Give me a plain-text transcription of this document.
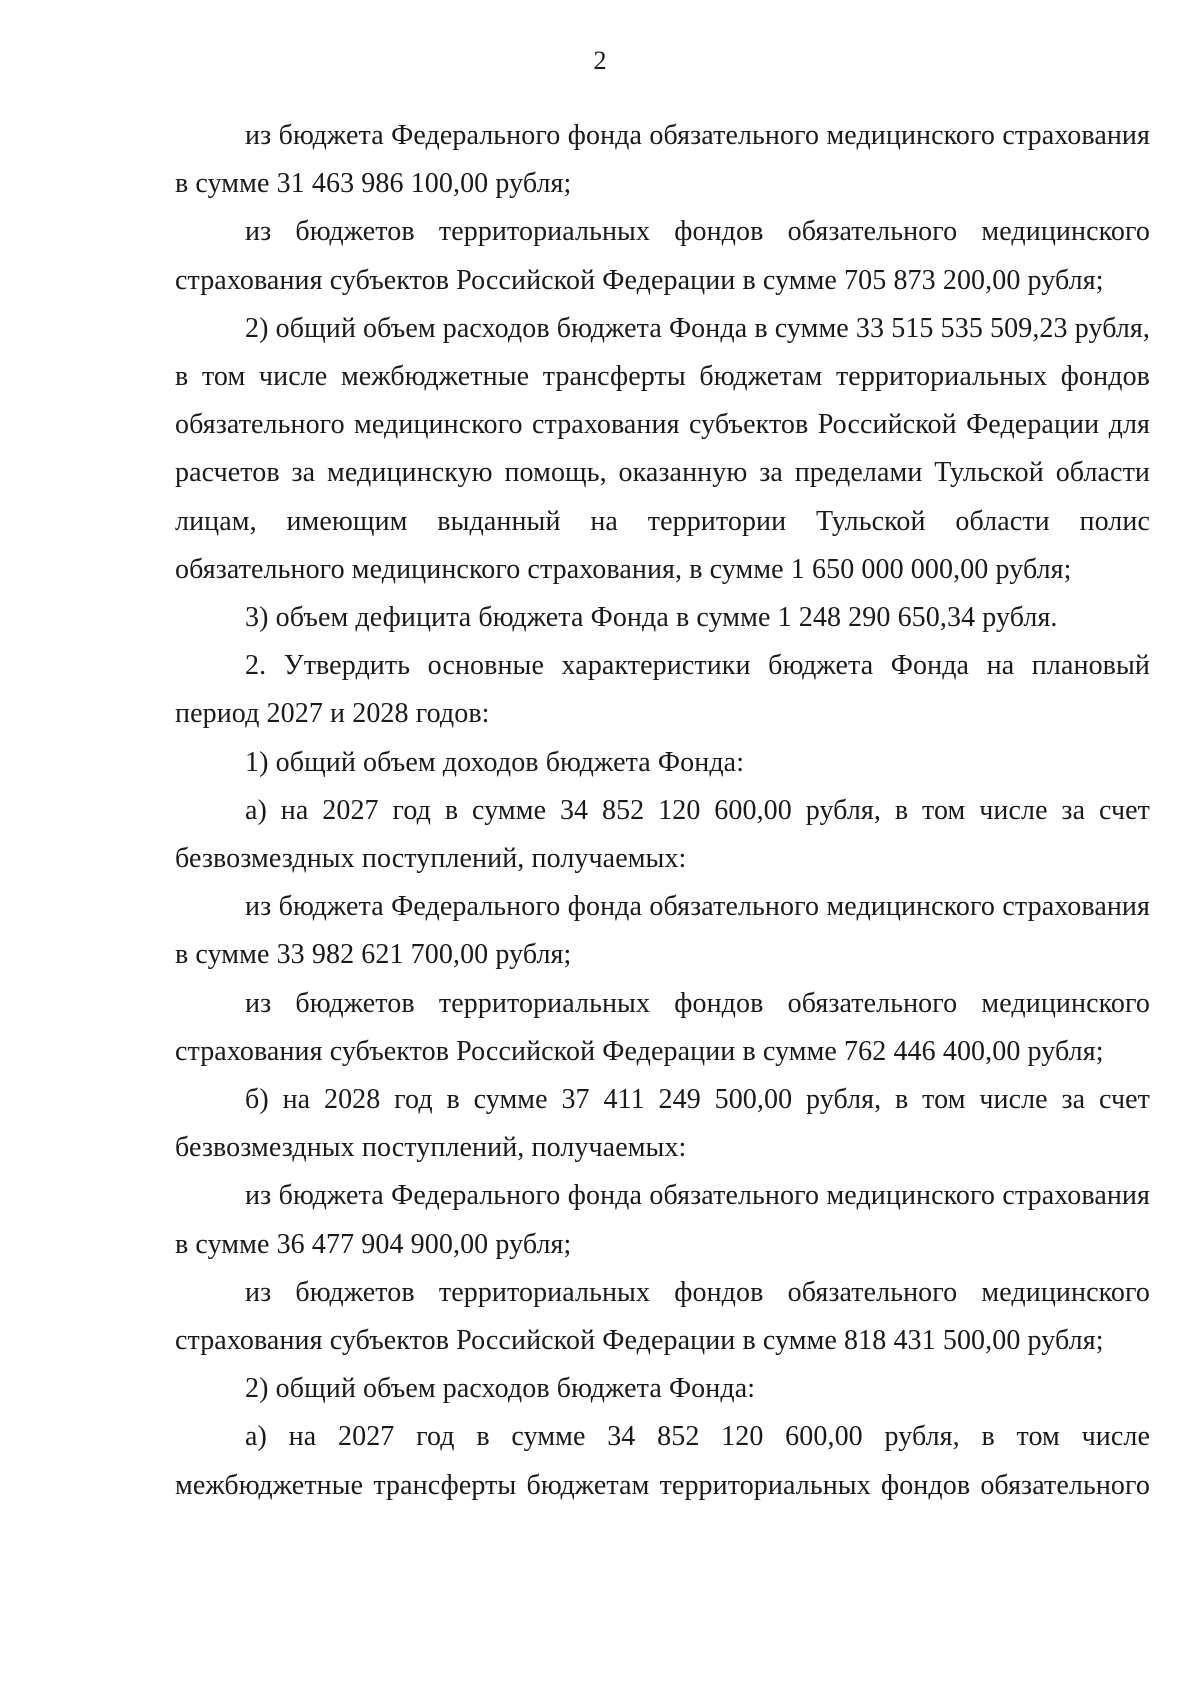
2

из бюджета Федерального фонда обязательного медицинского страхования в сумме 31 463 986 100,00 рубля;

из бюджетов территориальных фондов обязательного медицинского страхования субъектов Российской Федерации в сумме 705 873 200,00 рубля;

2) общий объем расходов бюджета Фонда в сумме 33 515 535 509,23 рубля, в том числе межбюджетные трансферты бюджетам территориальных фондов обязательного медицинского страхования субъектов Российской Федерации для расчетов за медицинскую помощь, оказанную за пределами Тульской области лицам, имеющим выданный на территории Тульской области полис обязательного медицинского страхования, в сумме 1 650 000 000,00 рубля;

3) объем дефицита бюджета Фонда в сумме 1 248 290 650,34 рубля.

2. Утвердить основные характеристики бюджета Фонда на плановый период 2027 и 2028 годов:

1) общий объем доходов бюджета Фонда:

а) на 2027 год в сумме 34 852 120 600,00 рубля, в том числе за счет безвозмездных поступлений, получаемых:

из бюджета Федерального фонда обязательного медицинского страхования в сумме 33 982 621 700,00 рубля;

из бюджетов территориальных фондов обязательного медицинского страхования субъектов Российской Федерации в сумме 762 446 400,00 рубля;

б) на 2028 год в сумме 37 411 249 500,00 рубля, в том числе за счет безвозмездных поступлений, получаемых:

из бюджета Федерального фонда обязательного медицинского страхования в сумме 36 477 904 900,00 рубля;

из бюджетов территориальных фондов обязательного медицинского страхования субъектов Российской Федерации в сумме 818 431 500,00 рубля;

2) общий объем расходов бюджета Фонда:

а) на 2027 год в сумме 34 852 120 600,00 рубля, в том числе межбюджетные трансферты бюджетам территориальных фондов обязательного
